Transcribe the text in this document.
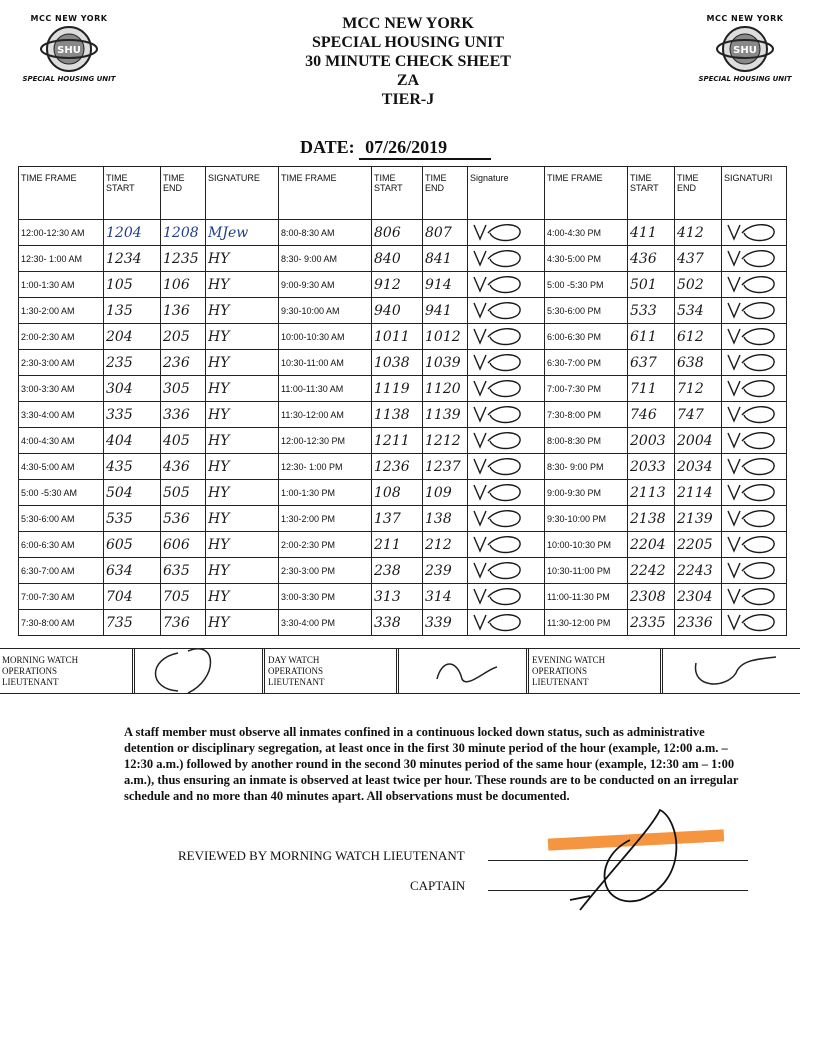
MCC NEW YORK
SHU
SPECIAL HOUSING UNIT
MCC NEW YORK
SHU
SPECIAL HOUSING UNIT
MCC NEW YORK
SPECIAL HOUSING UNIT
30 MINUTE CHECK SHEET
ZA
TIER-J
DATE: 07/26/2019
TIME FRAME	TIME START	TIME END	SIGNATURE	TIME FRAME	TIME START	TIME END	Signature	TIME FRAME	TIME START	TIME END	SIGNATURI
12:00-12:30 AM	1204	1208	MJew	8:00-8:30 AM	806	807		4:00-4:30 PM	411	412	
12:30- 1:00 AM	1234	1235	HY	8:30- 9:00 AM	840	841		4:30-5:00 PM	436	437	
1:00-1:30 AM	105	106	HY	9:00-9:30 AM	912	914		5:00 -5:30 PM	501	502	
1:30-2:00 AM	135	136	HY	9:30-10:00 AM	940	941		5:30-6:00 PM	533	534	
2:00-2:30 AM	204	205	HY	10:00-10:30 AM	1011	1012		6:00-6:30 PM	611	612	
2:30-3:00 AM	235	236	HY	10:30-11:00 AM	1038	1039		6:30-7:00 PM	637	638	
3:00-3:30 AM	304	305	HY	11:00-11:30 AM	1119	1120		7:00-7:30 PM	711	712	
3:30-4:00 AM	335	336	HY	11:30-12:00 AM	1138	1139		7:30-8:00 PM	746	747	
4:00-4:30 AM	404	405	HY	12:00-12:30 PM	1211	1212		8:00-8:30 PM	2003	2004	
4:30-5:00 AM	435	436	HY	12:30- 1:00 PM	1236	1237		8:30- 9:00 PM	2033	2034	
5:00 -5:30 AM	504	505	HY	1:00-1:30 PM	108	109		9:00-9:30 PM	2113	2114	
5:30-6:00 AM	535	536	HY	1:30-2:00 PM	137	138		9:30-10:00 PM	2138	2139	
6:00-6:30 AM	605	606	HY	2:00-2:30 PM	211	212		10:00-10:30 PM	2204	2205	
6:30-7:00 AM	634	635	HY	2:30-3:00 PM	238	239		10:30-11:00 PM	2242	2243	
7:00-7:30 AM	704	705	HY	3:00-3:30 PM	313	314		11:00-11:30 PM	2308	2304	
7:30-8:00 AM	735	736	HY	3:30-4:00 PM	338	339		11:30-12:00 PM	2335	2336	
MORNING WATCH
OPERATIONS
LIEUTENANT
DAY WATCH
OPERATIONS
LIEUTENANT
EVENING WATCH
OPERATIONS
LIEUTENANT
A staff member must observe all inmates confined in a continuous locked down status, such as administrative detention or disciplinary segregation, at least once in the first 30 minute period of the hour (example, 12:00 a.m. – 12:30 a.m.) followed by another round in the second 30 minutes period of the same hour (example, 12:30 am – 1:00 a.m.), thus ensuring an inmate is observed at least twice per hour. These rounds are to be conducted on an irregular schedule and no more than 40 minutes apart. All observations must be documented.
REVIEWED BY MORNING WATCH LIEUTENANT
CAPTAIN
